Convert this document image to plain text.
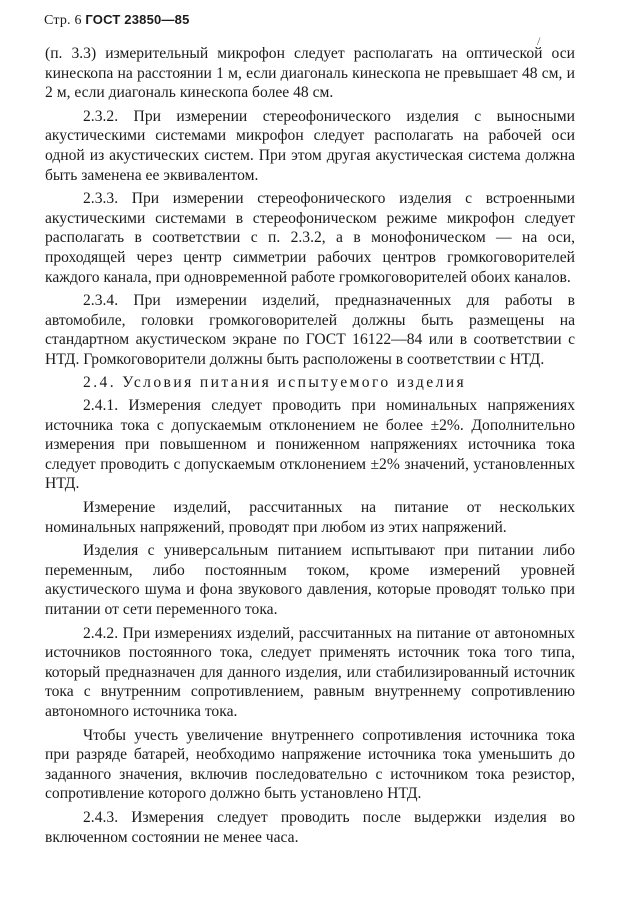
Стр. 6 ГОСТ 23850—85
/

(п. 3.3) измерительный микрофон следует располагать на оптической оси кинескопа на расстоянии 1 м, если диагональ кинескопа не превышает 48 см, и 2 м, если диагональ кинескопа более 48 см.

2.3.2. При измерении стереофонического изделия с выносными акустическими системами микрофон следует располагать на рабочей оси одной из акустических систем. При этом другая акустическая система должна быть заменена ее эквивалентом.

2.3.3. При измерении стереофонического изделия с встроенными акустическими системами в стереофоническом режиме микрофон следует располагать в соответствии с п. 2.3.2, а в монофоническом — на оси, проходящей через центр симметрии рабочих центров громкоговорителей каждого канала, при одновременной работе громкоговорителей обоих каналов.

2.3.4. При измерении изделий, предназначенных для работы в автомобиле, головки громкоговорителей должны быть размещены на стандартном акустическом экране по ГОСТ 16122—84 или в соответствии с НТД. Громкоговорители должны быть расположены в соответствии с НТД.

2.4. Условия питания испытуемого изделия

2.4.1. Измерения следует проводить при номинальных напряжениях источника тока с допускаемым отклонением не более ±2%. Дополнительно измерения при повышенном и пониженном напряжениях источника тока следует проводить с допускаемым отклонением ±2% значений, установленных НТД.

Измерение изделий, рассчитанных на питание от нескольких номинальных напряжений, проводят при любом из этих напряжений.

Изделия с универсальным питанием испытывают при питании либо переменным, либо постоянным током, кроме измерений уровней акустического шума и фона звукового давления, которые проводят только при питании от сети переменного тока.

2.4.2. При измерениях изделий, рассчитанных на питание от автономных источников постоянного тока, следует применять источник тока того типа, который предназначен для данного изделия, или стабилизированный источник тока с внутренним сопротивлением, равным внутреннему сопротивлению автономного источника тока.

Чтобы учесть увеличение внутреннего сопротивления источника тока при разряде батарей, необходимо напряжение источника тока уменьшить до заданного значения, включив последовательно с источником тока резистор, сопротивление которого должно быть установлено НТД.

2.4.3. Измерения следует проводить после выдержки изделия во включенном состоянии не менее часа.
